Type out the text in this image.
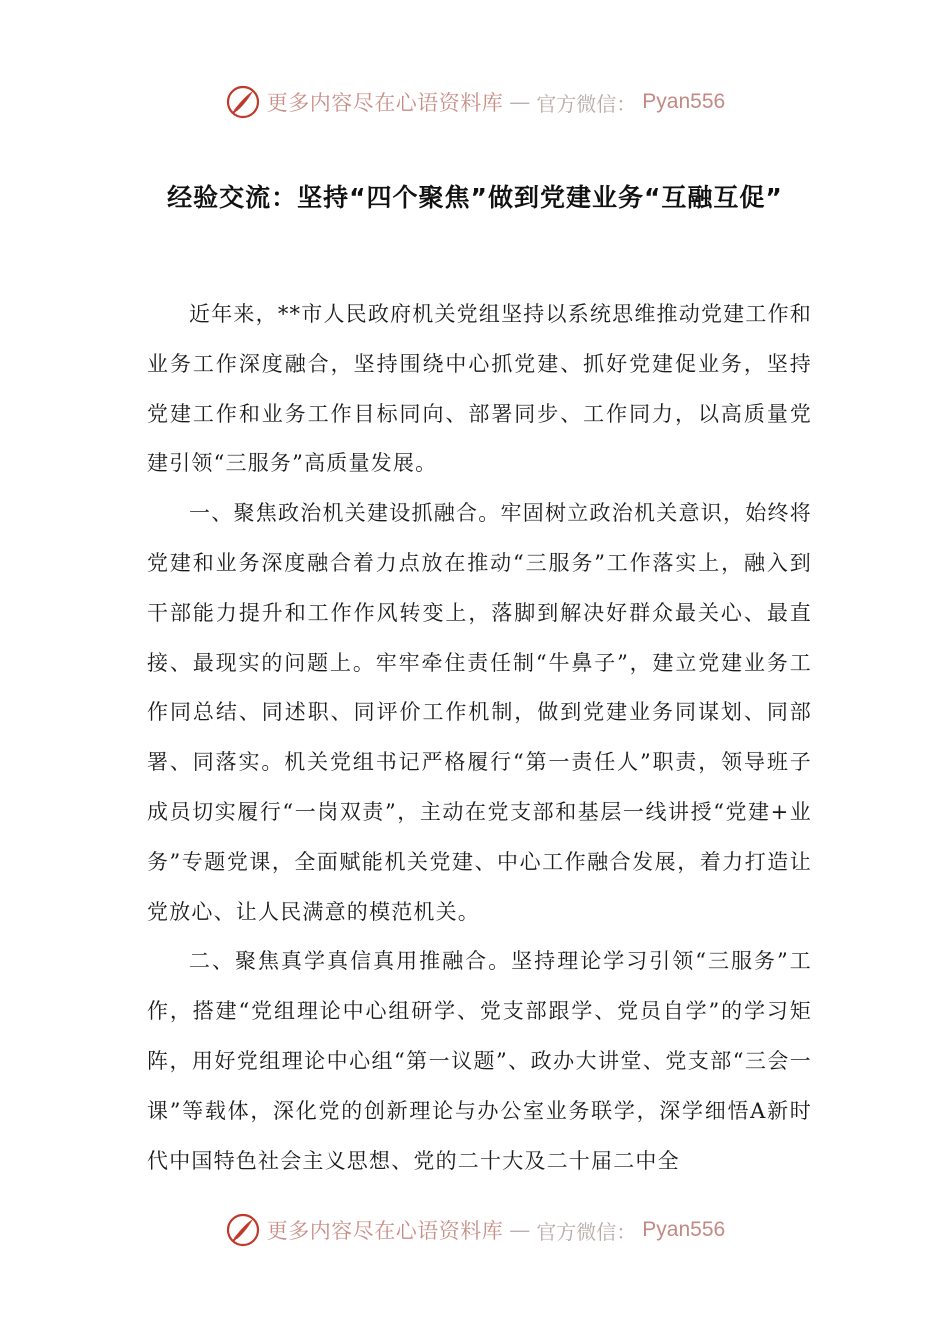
更多内容尽在心语资料库 — 官方微信： Pyan556
经验交流：坚持“四个聚焦”做到党建业务“互融互促”

近年来，**市人民政府机关党组坚持以系统思维推动党建工作和业务工作深度融合，坚持围绕中心抓党建、抓好党建促业务，坚持党建工作和业务工作目标同向、部署同步、工作同力，以高质量党建引领“三服务”高质量发展。

一、聚焦政治机关建设抓融合。牢固树立政治机关意识，始终将党建和业务深度融合着力点放在推动“三服务”工作落实上，融入到干部能力提升和工作作风转变上，落脚到解决好群众最关心、最直接、最现实的问题上。牢牢牵住责任制“牛鼻子”，建立党建业务工作同总结、同述职、同评价工作机制，做到党建业务同谋划、同部署、同落实。机关党组书记严格履行“第一责任人”职责，领导班子成员切实履行“一岗双责”，主动在党支部和基层一线讲授“党建+业务”专题党课，全面赋能机关党建、中心工作融合发展，着力打造让党放心、让人民满意的模范机关。

二、聚焦真学真信真用推融合。坚持理论学习引领“三服务”工作，搭建“党组理论中心组研学、党支部跟学、党员自学”的学习矩阵，用好党组理论中心组“第一议题”、政办大讲堂、党支部“三会一课”等载体，深化党的创新理论与办公室业务联学，深学细悟A新时代中国特色社会主义思想、党的二十大及二十届二中全

更多内容尽在心语资料库 — 官方微信： Pyan556
